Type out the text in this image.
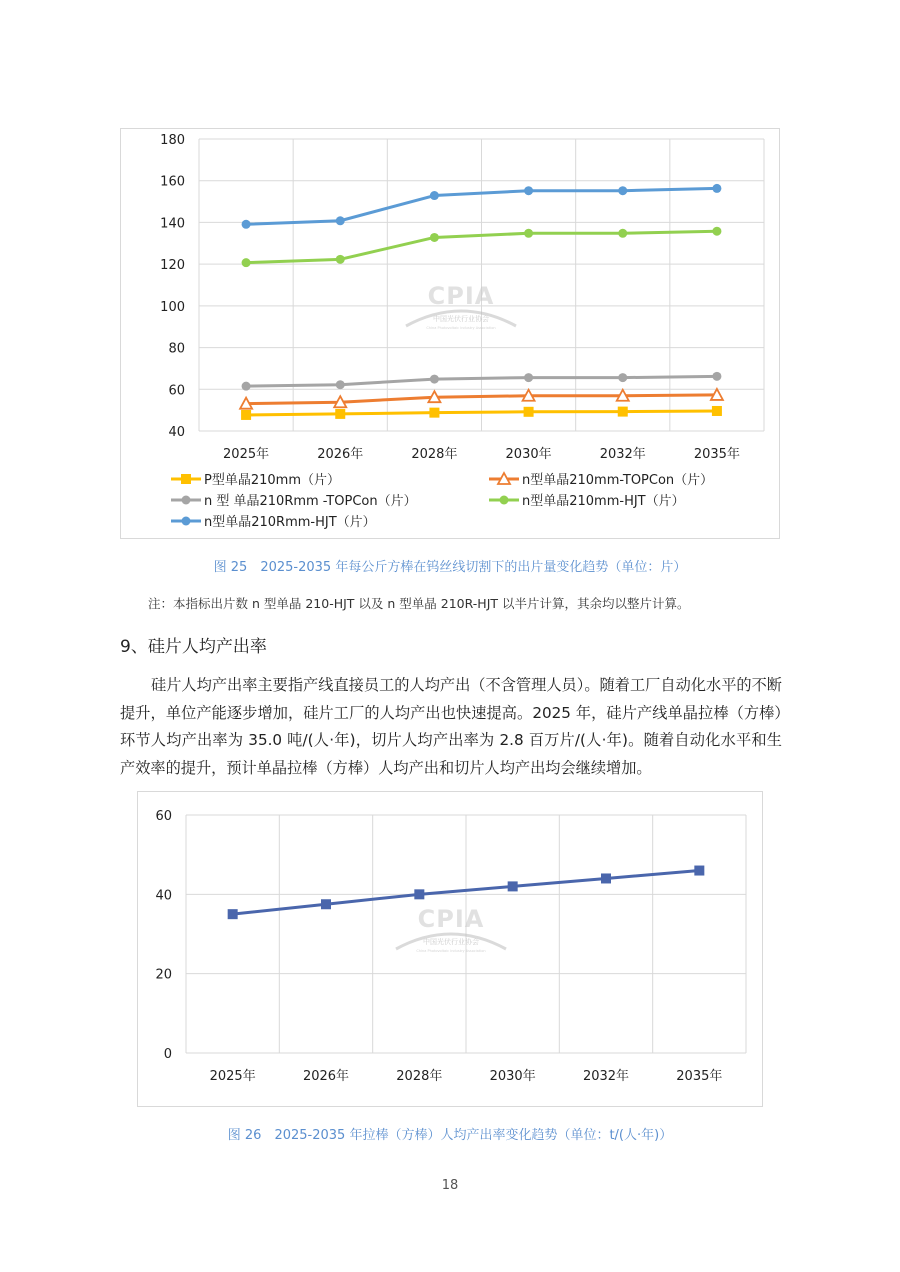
40
60
80
100
120
140
160
180
2025年	2026年	2028年	2030年	2032年	2035年
CPIA
中国光伏行业协会
China Photovoltaic Industry Association
P型单晶210mm（片）	n型单晶210mm-TOPCon（片）
n 型 单晶210Rmm -TOPCon（片）	n型单晶210mm-HJT（片）
n型单晶210Rmm-HJT（片）
图 25　2025-2035 年每公斤方棒在钨丝线切割下的出片量变化趋势（单位：片）
注：本指标出片数 n 型单晶 210-HJT 以及 n 型单晶 210R-HJT 以半片计算，其余均以整片计算。
9、硅片人均产出率
硅片人均产出率主要指产线直接员工的人均产出（不含管理人员）。随着工厂自动化水平的不断提升，单位产能逐步增加，硅片工厂的人均产出也快速提高。2025 年，硅片产线单晶拉棒（方棒）环节人均产出率为 35.0 吨/(人·年)，切片人均产出率为 2.8 百万片/(人·年)。随着自动化水平和生产效率的提升，预计单晶拉棒（方棒）人均产出和切片人均产出均会继续增加。
0
20
40
60
2025年	2026年	2028年	2030年	2032年	2035年
CPIA
中国光伏行业协会
China Photovoltaic Industry Association
图 26　2025-2035 年拉棒（方棒）人均产出率变化趋势（单位：t/(人·年)）
18
